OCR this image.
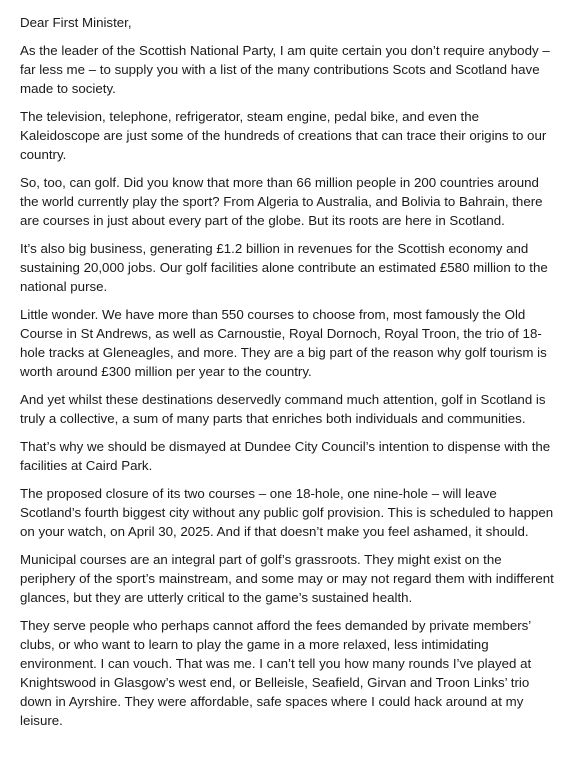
Dear First Minister,

As the leader of the Scottish National Party, I am quite certain you don’t require anybody – far less me – to supply you with a list of the many contributions Scots and Scotland have made to society.

The television, telephone, refrigerator, steam engine, pedal bike, and even the Kaleidoscope are just some of the hundreds of creations that can trace their origins to our country.

So, too, can golf. Did you know that more than 66 million people in 200 countries around the world currently play the sport? From Algeria to Australia, and Bolivia to Bahrain, there are courses in just about every part of the globe. But its roots are here in Scotland.

It’s also big business, generating £1.2 billion in revenues for the Scottish economy and sustaining 20,000 jobs. Our golf facilities alone contribute an estimated £580 million to the national purse.

Little wonder. We have more than 550 courses to choose from, most famously the Old Course in St Andrews, as well as Carnoustie, Royal Dornoch, Royal Troon, the trio of 18-hole tracks at Gleneagles, and more. They are a big part of the reason why golf tourism is worth around £300 million per year to the country.

And yet whilst these destinations deservedly command much attention, golf in Scotland is truly a collective, a sum of many parts that enriches both individuals and communities.

That’s why we should be dismayed at Dundee City Council’s intention to dispense with the facilities at Caird Park.

The proposed closure of its two courses – one 18-hole, one nine-hole – will leave Scotland’s fourth biggest city without any public golf provision. This is scheduled to happen on your watch, on April 30, 2025. And if that doesn’t make you feel ashamed, it should.

Municipal courses are an integral part of golf’s grassroots. They might exist on the periphery of the sport’s mainstream, and some may or may not regard them with indifferent glances, but they are utterly critical to the game’s sustained health.

They serve people who perhaps cannot afford the fees demanded by private members’ clubs, or who want to learn to play the game in a more relaxed, less intimidating environment. I can vouch. That was me. I can’t tell you how many rounds I’ve played at Knightswood in Glasgow’s west end, or Belleisle, Seafield, Girvan and Troon Links’ trio down in Ayrshire. They were affordable, safe spaces where I could hack around at my leisure.
